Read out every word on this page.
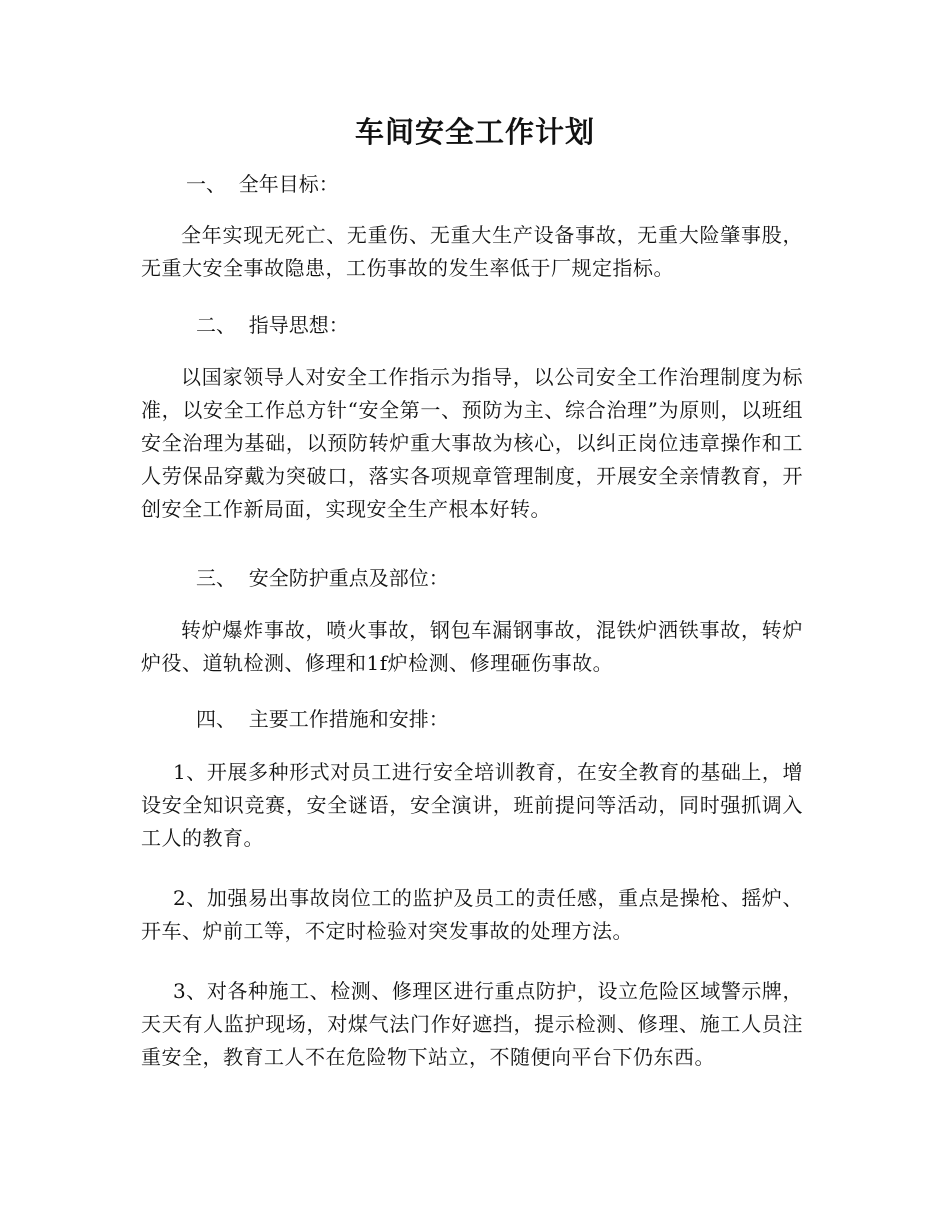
车间安全工作计划
一、  全年目标：
全年实现无死亡、无重伤、无重大生产设备事故，无重大险肇事股，无重大安全事故隐患，工伤事故的发生率低于厂规定指标。
二、  指导思想：
以国家领导人对安全工作指示为指导，以公司安全工作治理制度为标准，以安全工作总方针“安全第一、预防为主、综合治理”为原则，以班组安全治理为基础，以预防转炉重大事故为核心，以纠正岗位违章操作和工人劳保品穿戴为突破口，落实各项规章管理制度，开展安全亲情教育，开创安全工作新局面，实现安全生产根本好转。
三、  安全防护重点及部位：
转炉爆炸事故，喷火事故，钢包车漏钢事故，混铁炉洒铁事故，转炉炉役、道轨检测、修理和1f炉检测、修理砸伤事故。
四、  主要工作措施和安排：
1、开展多种形式对员工进行安全培训教育，在安全教育的基础上，增设安全知识竞赛，安全谜语，安全演讲，班前提问等活动，同时强抓调入工人的教育。
2、加强易出事故岗位工的监护及员工的责任感，重点是操枪、摇炉、开车、炉前工等，不定时检验对突发事故的处理方法。
3、对各种施工、检测、修理区进行重点防护，设立危险区域警示牌，天天有人监护现场，对煤气法门作好遮挡，提示检测、修理、施工人员注重安全，教育工人不在危险物下站立，不随便向平台下仍东西。
